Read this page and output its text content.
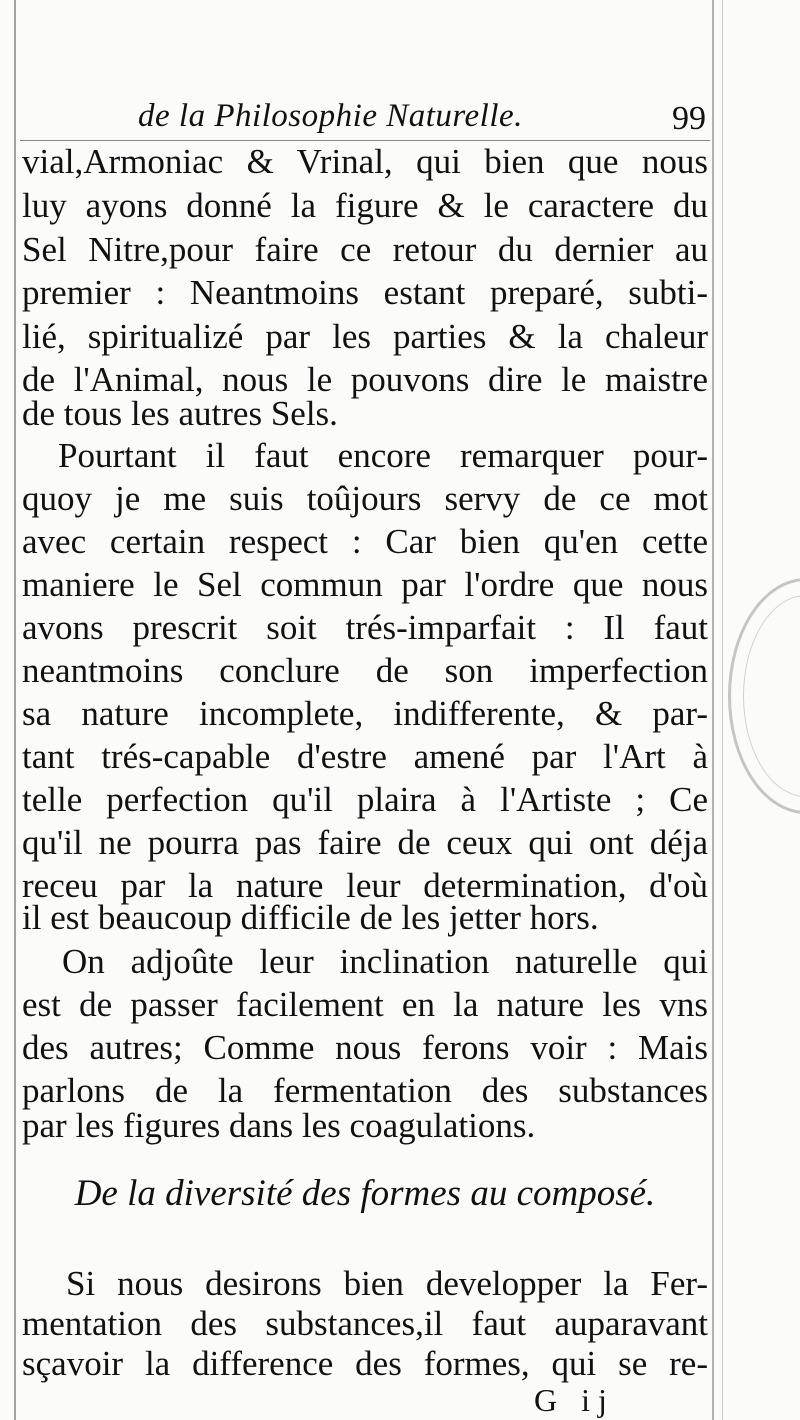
de la Philosophie Naturelle.	99
vial,Armoniac & Vrinal, qui bien que nous
luy ayons donné la figure & le caractere du
Sel Nitre,pour faire ce retour du dernier au
premier : Neantmoins estant preparé, subti-
lié, spiritualizé par les parties & la chaleur
de l'Animal, nous le pouvons dire le maistre
de tous les autres Sels.
Pourtant il faut encore remarquer pour-
quoy je me suis toûjours servy de ce mot
avec certain respect : Car bien qu'en cette
maniere le Sel commun par l'ordre que nous
avons prescrit soit trés-imparfait : Il faut
neantmoins conclure de son imperfection
sa nature incomplete, indifferente, & par-
tant trés-capable d'estre amené par l'Art à
telle perfection qu'il plaira à l'Artiste ; Ce
qu'il ne pourra pas faire de ceux qui ont déja
receu par la nature leur determination, d'où
il est beaucoup difficile de les jetter hors.
On adjoûte leur inclination naturelle qui
est de passer facilement en la nature les vns
des autres; Comme nous ferons voir : Mais
parlons de la fermentation des substances
par les figures dans les coagulations.
De la diversité des formes au composé.
Si nous desirons bien developper la Fer-
mentation des substances,il faut auparavant
sçavoir la difference des formes, qui se re-
G ij
